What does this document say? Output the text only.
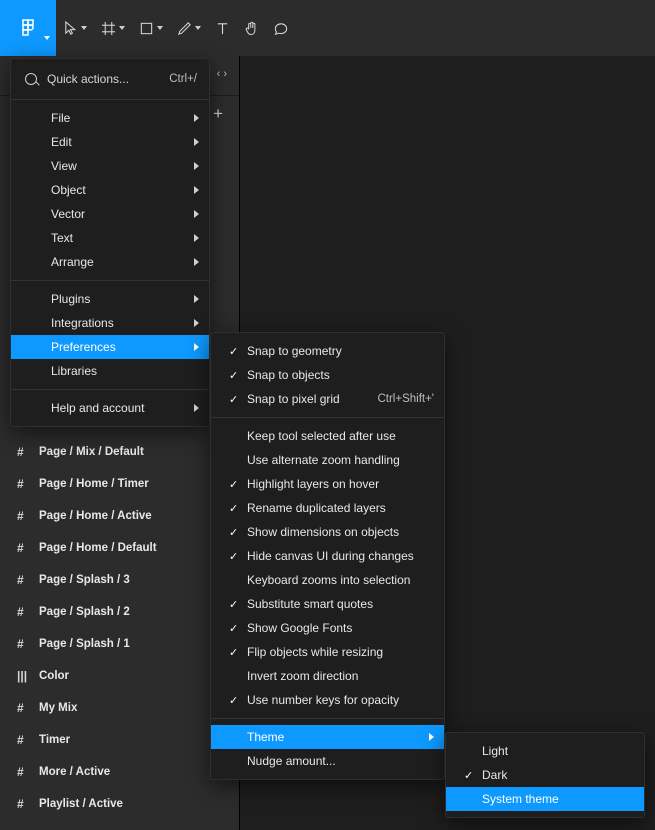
‹ ›
+
#	Page / Mix / Default
#	Page / Home / Timer
#	Page / Home / Active
#	Page / Home / Default
#	Page / Splash / 3
#	Page / Splash / 2
#	Page / Splash / 1
||| Color
#	My Mix
#	Timer
#	More / Active
#	Playlist / Active
Quick actions...	Ctrl+/
File
Edit
View
Object
Vector
Text
Arrange
Plugins
Integrations
Preferences
Libraries
Help and account
✓ Snap to geometry
✓ Snap to objects
✓ Snap to pixel grid	Ctrl+Shift+'
Keep tool selected after use
Use alternate zoom handling
✓ Highlight layers on hover
✓ Rename duplicated layers
✓ Show dimensions on objects
✓ Hide canvas UI during changes
Keyboard zooms into selection
✓ Substitute smart quotes
✓ Show Google Fonts
✓ Flip objects while resizing
Invert zoom direction
✓ Use number keys for opacity
Theme
Nudge amount...
Light
✓ Dark
System theme
